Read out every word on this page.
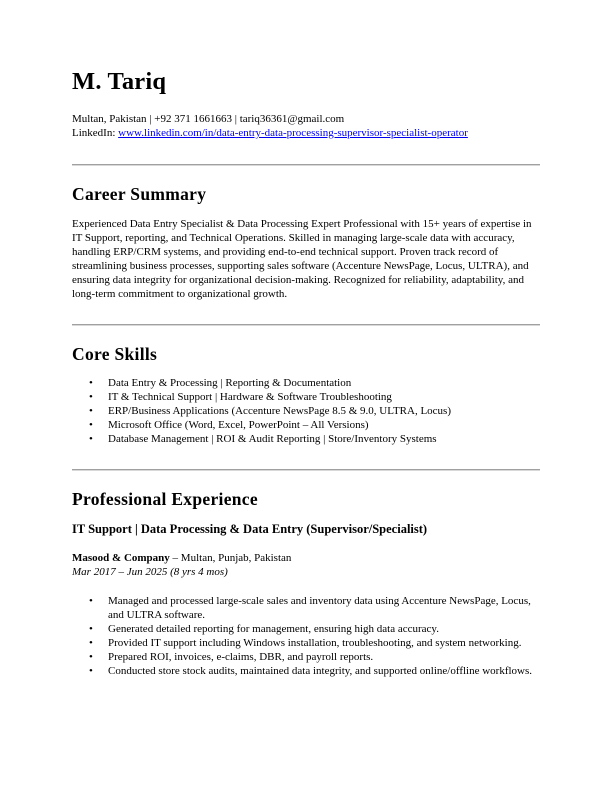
M. Tariq
Multan, Pakistan | +92 371 1661663 | tariq36361@gmail.com
LinkedIn: www.linkedin.com/in/data-entry-data-processing-supervisor-specialist-operator
Career Summary

Experienced Data Entry Specialist & Data Processing Expert Professional with 15+ years of expertise in IT Support, reporting, and Technical Operations. Skilled in managing large-scale data with accuracy, handling ERP/CRM systems, and providing end-to-end technical support. Proven track record of streamlining business processes, supporting sales software (Accenture NewsPage, Locus, ULTRA), and ensuring data integrity for organizational decision-making. Recognized for reliability, adaptability, and long-term commitment to organizational growth.

Core Skills
• Data Entry & Processing | Reporting & Documentation
• IT & Technical Support | Hardware & Software Troubleshooting
• ERP/Business Applications (Accenture NewsPage 8.5 & 9.0, ULTRA, Locus)
• Microsoft Office (Word, Excel, PowerPoint – All Versions)
• Database Management | ROI & Audit Reporting | Store/Inventory Systems
Professional Experience
IT Support | Data Processing & Data Entry (Supervisor/Specialist)
Masood & Company – Multan, Punjab, Pakistan
Mar 2017 – Jun 2025 (8 yrs 4 mos)
• Managed and processed large-scale sales and inventory data using Accenture NewsPage, Locus, and ULTRA software.
• Generated detailed reporting for management, ensuring high data accuracy.
• Provided IT support including Windows installation, troubleshooting, and system networking.
• Prepared ROI, invoices, e-claims, DBR, and payroll reports.
• Conducted store stock audits, maintained data integrity, and supported online/offline workflows.
